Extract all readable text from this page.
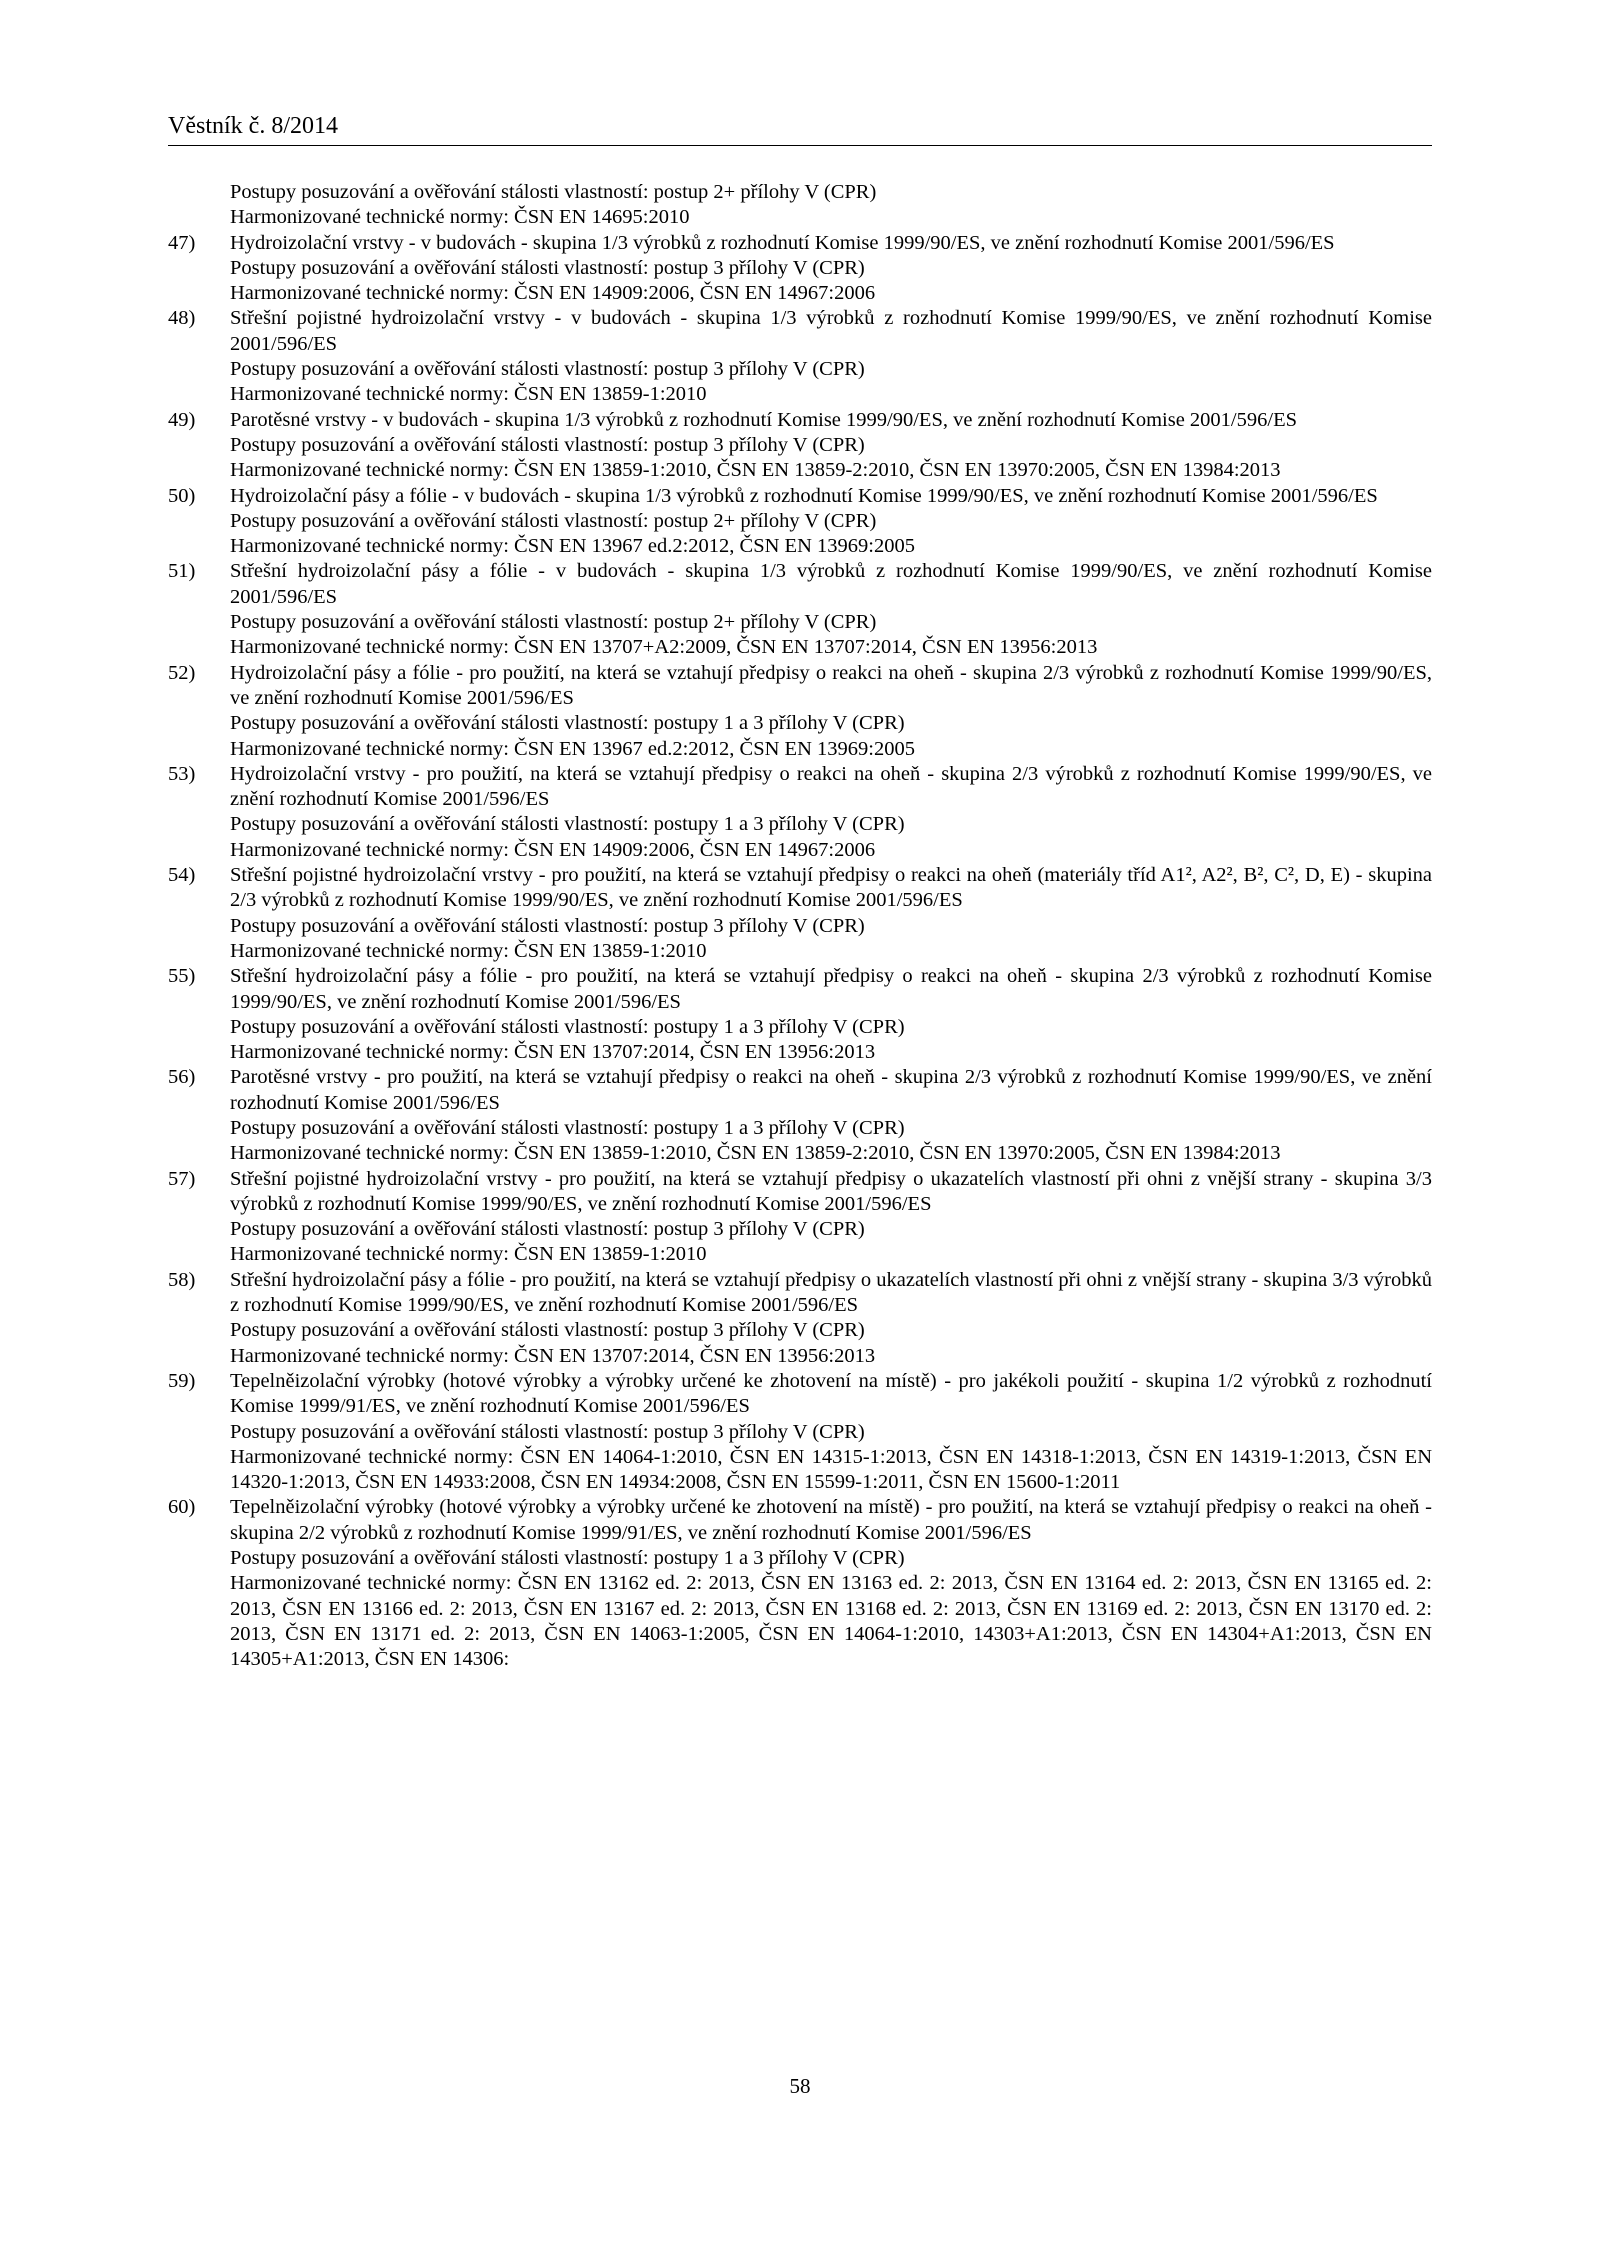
Věstník č. 8/2014
Postupy posuzování a ověřování stálosti vlastností: postup 2+ přílohy V (CPR)
Harmonizované technické normy: ČSN EN 14695:2010
47) Hydroizolační vrstvy - v budovách - skupina 1/3 výrobků z rozhodnutí Komise 1999/90/ES, ve znění rozhodnutí Komise 2001/596/ES
Postupy posuzování a ověřování stálosti vlastností: postup 3 přílohy V (CPR)
Harmonizované technické normy: ČSN EN 14909:2006, ČSN EN 14967:2006
48) Střešní pojistné hydroizolační vrstvy - v budovách - skupina 1/3 výrobků z rozhodnutí Komise 1999/90/ES, ve znění rozhodnutí Komise 2001/596/ES
Postupy posuzování a ověřování stálosti vlastností: postup 3 přílohy V (CPR)
Harmonizované technické normy: ČSN EN 13859-1:2010
49) Parotěsné vrstvy - v budovách - skupina 1/3 výrobků z rozhodnutí Komise 1999/90/ES, ve znění rozhodnutí Komise 2001/596/ES
Postupy posuzování a ověřování stálosti vlastností: postup 3 přílohy V (CPR)
Harmonizované technické normy: ČSN EN 13859-1:2010, ČSN EN 13859-2:2010, ČSN EN 13970:2005, ČSN EN 13984:2013
50) Hydroizolační pásy a fólie - v budovách - skupina 1/3 výrobků z rozhodnutí Komise 1999/90/ES, ve znění rozhodnutí Komise 2001/596/ES
Postupy posuzování a ověřování stálosti vlastností: postup 2+ přílohy V (CPR)
Harmonizované technické normy: ČSN EN 13967 ed.2:2012, ČSN EN 13969:2005
51) Střešní hydroizolační pásy a fólie - v budovách - skupina 1/3 výrobků z rozhodnutí Komise 1999/90/ES, ve znění rozhodnutí Komise 2001/596/ES
Postupy posuzování a ověřování stálosti vlastností: postup 2+ přílohy V (CPR)
Harmonizované technické normy: ČSN EN 13707+A2:2009, ČSN EN 13707:2014, ČSN EN 13956:2013
52) Hydroizolační pásy a fólie - pro použití, na která se vztahují předpisy o reakci na oheň - skupina 2/3 výrobků z rozhodnutí Komise 1999/90/ES, ve znění rozhodnutí Komise 2001/596/ES
Postupy posuzování a ověřování stálosti vlastností: postupy 1 a 3 přílohy V (CPR)
Harmonizované technické normy: ČSN EN 13967 ed.2:2012, ČSN EN 13969:2005
53) Hydroizolační vrstvy - pro použití, na která se vztahují předpisy o reakci na oheň - skupina 2/3 výrobků z rozhodnutí Komise 1999/90/ES, ve znění rozhodnutí Komise 2001/596/ES
Postupy posuzování a ověřování stálosti vlastností: postupy 1 a 3 přílohy V (CPR)
Harmonizované technické normy: ČSN EN 14909:2006, ČSN EN 14967:2006
54) Střešní pojistné hydroizolační vrstvy - pro použití, na která se vztahují předpisy o reakci na oheň (materiály tříd A1², A2², B², C², D, E) - skupina 2/3 výrobků z rozhodnutí Komise 1999/90/ES, ve znění rozhodnutí Komise 2001/596/ES
Postupy posuzování a ověřování stálosti vlastností: postup 3 přílohy V (CPR)
Harmonizované technické normy: ČSN EN 13859-1:2010
55) Střešní hydroizolační pásy a fólie - pro použití, na která se vztahují předpisy o reakci na oheň - skupina 2/3 výrobků z rozhodnutí Komise 1999/90/ES, ve znění rozhodnutí Komise 2001/596/ES
Postupy posuzování a ověřování stálosti vlastností: postupy 1 a 3 přílohy V (CPR)
Harmonizované technické normy: ČSN EN 13707:2014, ČSN EN 13956:2013
56) Parotěsné vrstvy - pro použití, na která se vztahují předpisy o reakci na oheň - skupina 2/3 výrobků z rozhodnutí Komise 1999/90/ES, ve znění rozhodnutí Komise 2001/596/ES
Postupy posuzování a ověřování stálosti vlastností: postupy 1 a 3 přílohy V (CPR)
Harmonizované technické normy: ČSN EN 13859-1:2010, ČSN EN 13859-2:2010, ČSN EN 13970:2005, ČSN EN 13984:2013
57) Střešní pojistné hydroizolační vrstvy - pro použití, na která se vztahují předpisy o ukazatelích vlastností při ohni z vnější strany - skupina 3/3 výrobků z rozhodnutí Komise 1999/90/ES, ve znění rozhodnutí Komise 2001/596/ES
Postupy posuzování a ověřování stálosti vlastností: postup 3 přílohy V (CPR)
Harmonizované technické normy: ČSN EN 13859-1:2010
58) Střešní hydroizolační pásy a fólie - pro použití, na která se vztahují předpisy o ukazatelích vlastností při ohni z vnější strany - skupina 3/3 výrobků z rozhodnutí Komise 1999/90/ES, ve znění rozhodnutí Komise 2001/596/ES
Postupy posuzování a ověřování stálosti vlastností: postup 3 přílohy V (CPR)
Harmonizované technické normy: ČSN EN 13707:2014, ČSN EN 13956:2013
59) Tepelněizolační výrobky (hotové výrobky a výrobky určené ke zhotovení na místě) - pro jakékoli použití - skupina 1/2 výrobků z rozhodnutí Komise 1999/91/ES, ve znění rozhodnutí Komise 2001/596/ES
Postupy posuzování a ověřování stálosti vlastností: postup 3 přílohy V (CPR)
Harmonizované technické normy: ČSN EN 14064-1:2010, ČSN EN 14315-1:2013, ČSN EN 14318-1:2013, ČSN EN 14319-1:2013, ČSN EN 14320-1:2013, ČSN EN 14933:2008, ČSN EN 14934:2008, ČSN EN 15599-1:2011, ČSN EN 15600-1:2011
60) Tepelněizolační výrobky (hotové výrobky a výrobky určené ke zhotovení na místě) - pro použití, na která se vztahují předpisy o reakci na oheň - skupina 2/2 výrobků z rozhodnutí Komise 1999/91/ES, ve znění rozhodnutí Komise 2001/596/ES
Postupy posuzování a ověřování stálosti vlastností: postupy 1 a 3 přílohy V (CPR)
Harmonizované technické normy: ČSN EN 13162 ed. 2: 2013, ČSN EN 13163 ed. 2: 2013, ČSN EN 13164 ed. 2: 2013, ČSN EN 13165 ed. 2: 2013, ČSN EN 13166 ed. 2: 2013, ČSN EN 13167 ed. 2: 2013, ČSN EN 13168 ed. 2: 2013, ČSN EN 13169 ed. 2: 2013, ČSN EN 13170 ed. 2: 2013, ČSN EN 13171 ed. 2: 2013, ČSN EN 14063-1:2005, ČSN EN 14064-1:2010, 14303+A1:2013, ČSN EN 14304+A1:2013, ČSN EN 14305+A1:2013, ČSN EN 14306:
58
